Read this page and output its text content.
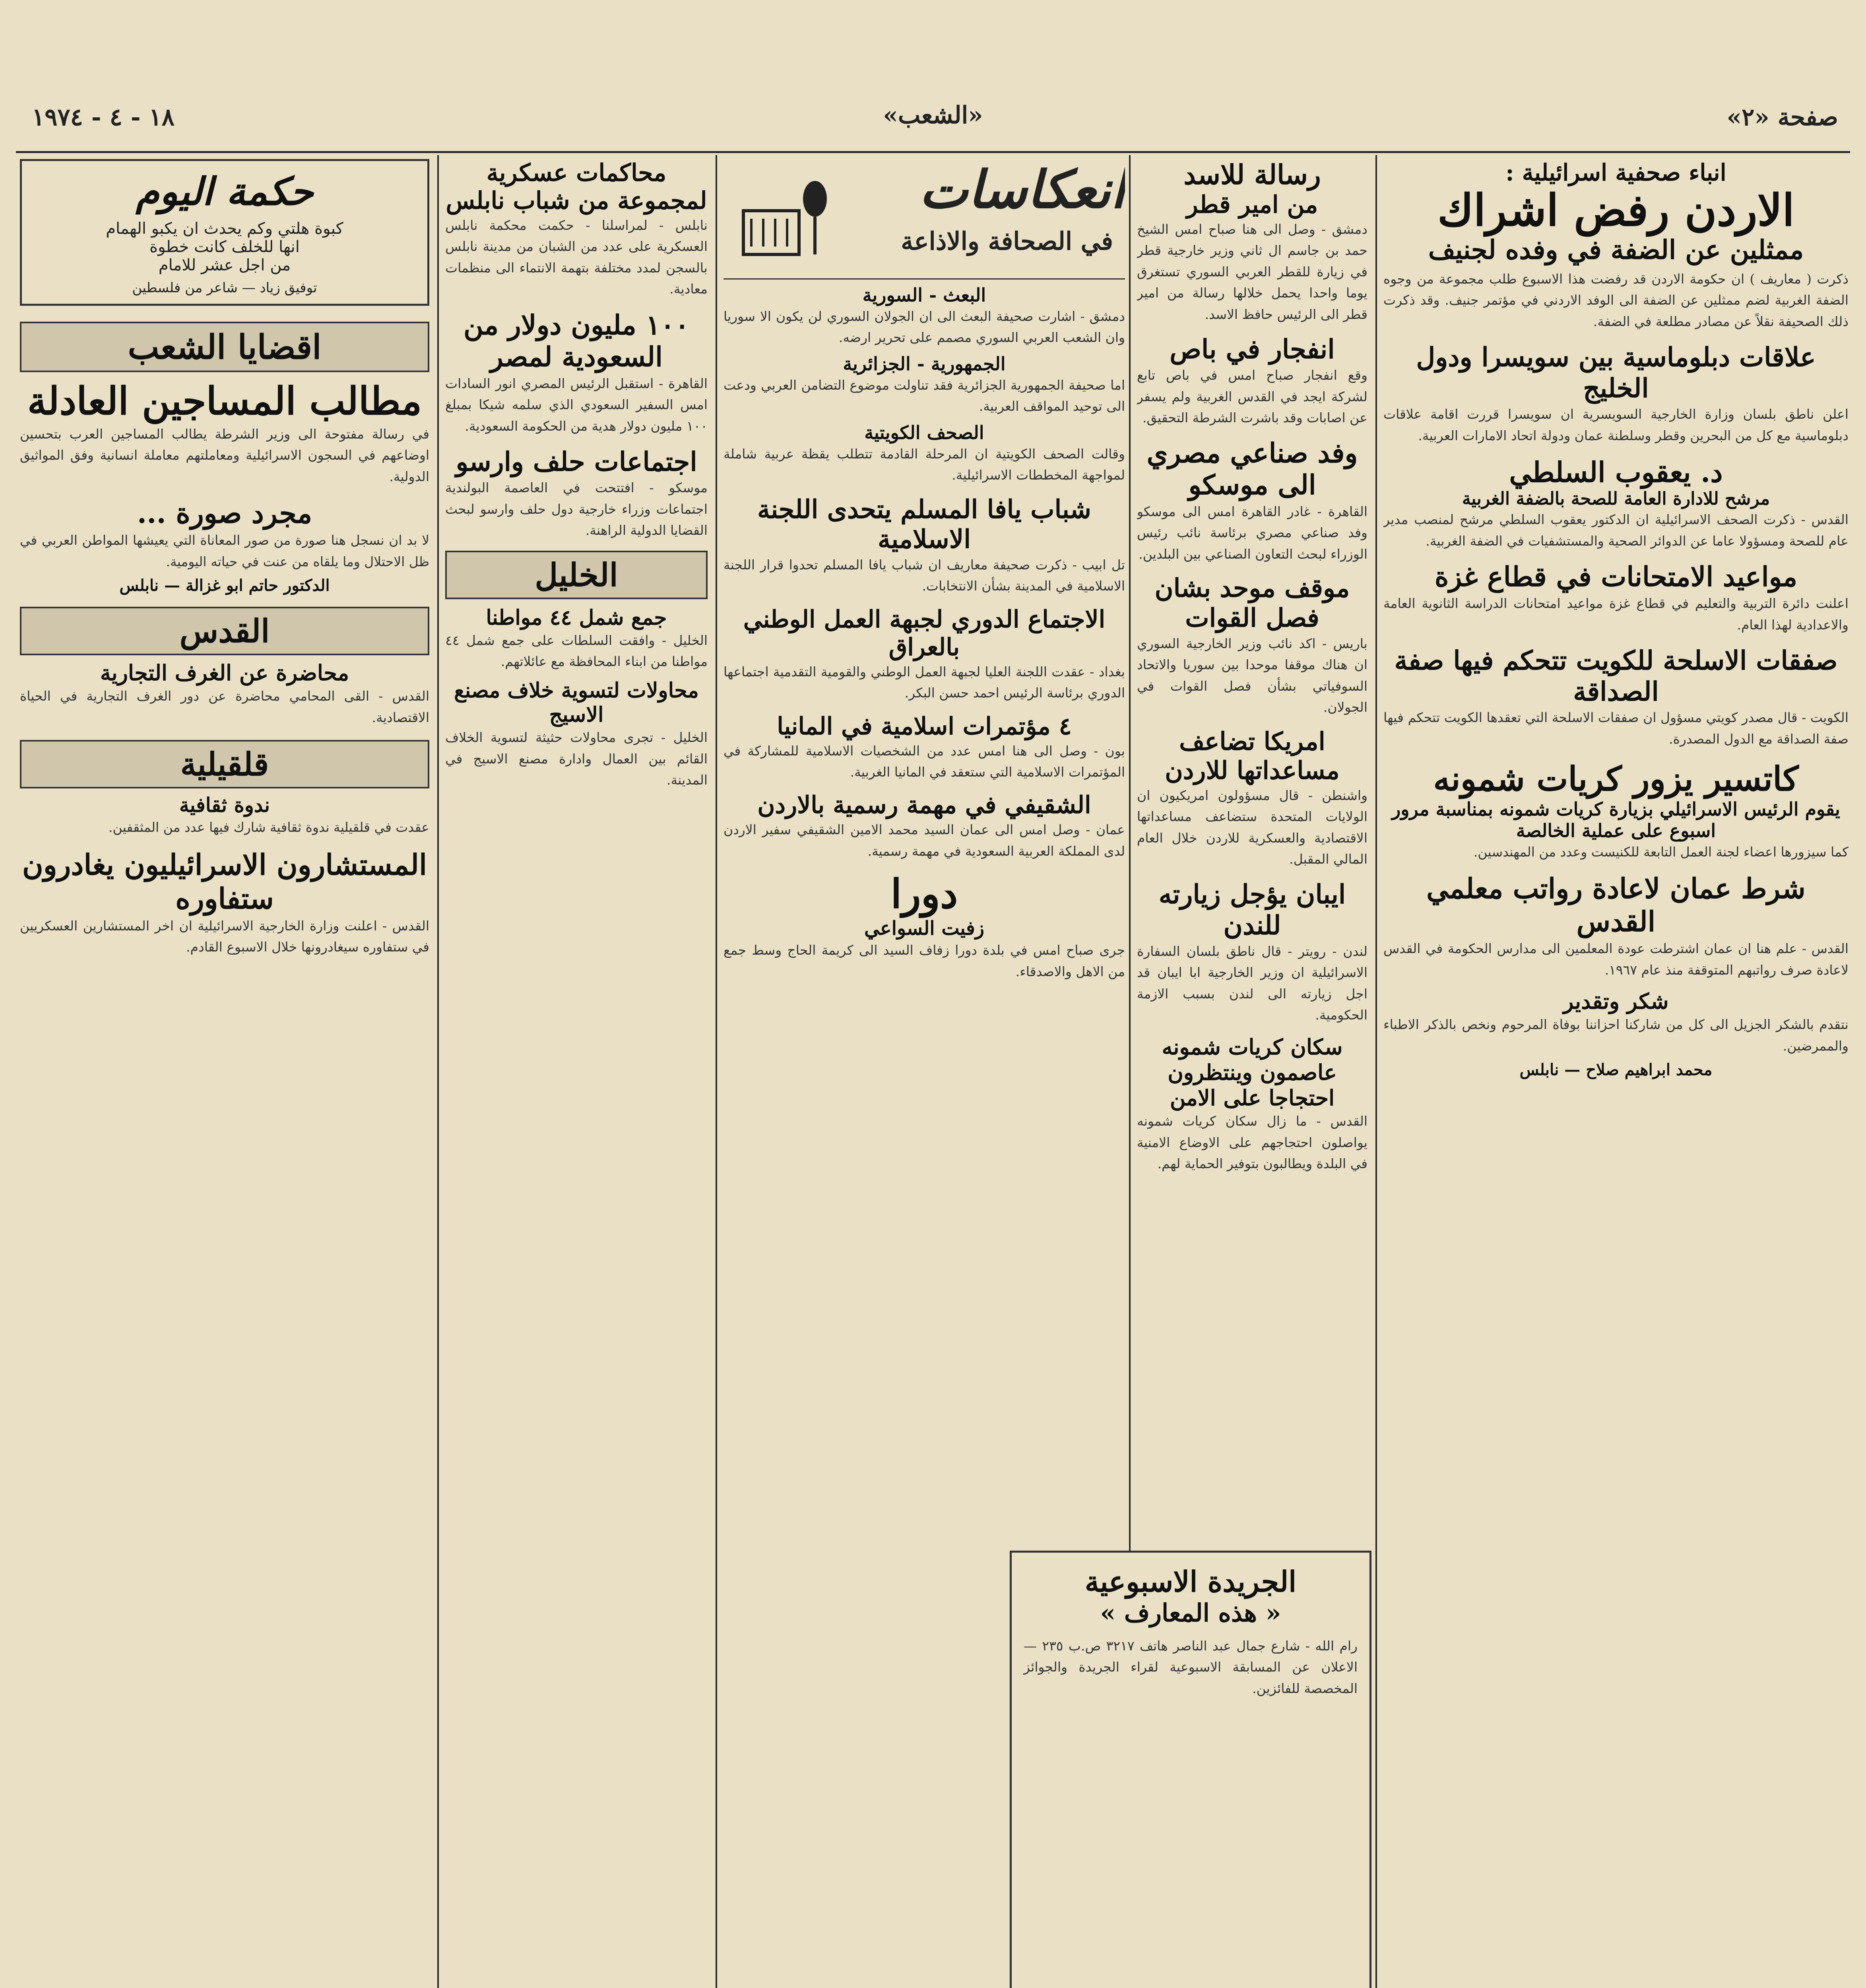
صفحة «٢»
«الشعب»
١٨ - ٤ - ١٩٧٤
انباء صحفية اسرائيلية :
الاردن رفض اشراك
ممثلين عن الضفة في وفده لجنيف
ذكرت ( معاريف ) ان حكومة الاردن قد رفضت هذا الاسبوع طلب مجموعة من وجوه الضفة الغربية لضم ممثلين عن الضفة الى الوفد الاردني في مؤتمر جنيف. وقد ذكرت ذلك الصحيفة نقلاً عن مصادر مطلعة في الضفة.
علاقات دبلوماسية بين سويسرا ودول الخليج
اعلن ناطق بلسان وزارة الخارجية السويسرية ان سويسرا قررت اقامة علاقات دبلوماسية مع كل من البحرين وقطر وسلطنة عمان ودولة اتحاد الامارات العربية.
د. يعقوب السلطي
مرشح للادارة العامة للصحة بالضفة الغربية
القدس - ذكرت الصحف الاسرائيلية ان الدكتور يعقوب السلطي مرشح لمنصب مدير عام للصحة ومسؤولا عاما عن الدوائر الصحية والمستشفيات في الضفة الغربية.
مواعيد الامتحانات في قطاع غزة
اعلنت دائرة التربية والتعليم في قطاع غزة مواعيد امتحانات الدراسة الثانوية العامة والاعدادية لهذا العام.
صفقات الاسلحة للكويت تتحكم فيها صفة الصداقة
الكويت - قال مصدر كويتي مسؤول ان صفقات الاسلحة التي تعقدها الكويت تتحكم فيها صفة الصداقة مع الدول المصدرة.
كاتسير يزور كريات شمونه
يقوم الرئيس الاسرائيلي بزيارة كريات شمونه بمناسبة مرور اسبوع على عملية الخالصة
كما سيزورها اعضاء لجنة العمل التابعة للكنيست وعدد من المهندسين.
شرط عمان لاعادة رواتب معلمي القدس
القدس - علم هنا ان عمان اشترطت عودة المعلمين الى مدارس الحكومة في القدس لاعادة صرف رواتبهم المتوقفة منذ عام ١٩٦٧.
شكر وتقدير
نتقدم بالشكر الجزيل الى كل من شاركنا احزاننا بوفاة المرحوم ونخص بالذكر الاطباء والممرضين.
محمد ابراهيم صلاح — نابلس
رسالة للاسد
من امير قطر
دمشق - وصل الى هنا صباح امس الشيخ حمد بن جاسم ال ثاني وزير خارجية قطر في زيارة للقطر العربي السوري تستغرق يوما واحدا يحمل خلالها رسالة من امير قطر الى الرئيس حافظ الاسد.
انفجار في باص
وقع انفجار صباح امس في باص تابع لشركة ايجد في القدس الغربية ولم يسفر عن اصابات وقد باشرت الشرطة التحقيق.
وفد صناعي مصري الى موسكو
القاهرة - غادر القاهرة امس الى موسكو وفد صناعي مصري برئاسة نائب رئيس الوزراء لبحث التعاون الصناعي بين البلدين.
موقف موحد بشان فصل القوات
باريس - اكد نائب وزير الخارجية السوري ان هناك موقفا موحدا بين سوريا والاتحاد السوفياتي بشأن فصل القوات في الجولان.
امريكا تضاعف مساعداتها للاردن
واشنطن - قال مسؤولون امريكيون ان الولايات المتحدة ستضاعف مساعداتها الاقتصادية والعسكرية للاردن خلال العام المالي المقبل.
ايبان يؤجل زيارته للندن
لندن - رويتر - قال ناطق بلسان السفارة الاسرائيلية ان وزير الخارجية ابا ايبان قد اجل زيارته الى لندن بسبب الازمة الحكومية.
سكان كريات شمونه عاصمون وينتظرون احتجاجا على الامن
القدس - ما زال سكان كريات شمونه يواصلون احتجاجهم على الاوضاع الامنية في البلدة ويطالبون بتوفير الحماية لهم.
انعكاسات
في الصحافة والاذاعة
البعث - السورية
دمشق - اشارت صحيفة البعث الى ان الجولان السوري لن يكون الا سوريا وان الشعب العربي السوري مصمم على تحرير ارضه.
الجمهورية - الجزائرية
اما صحيفة الجمهورية الجزائرية فقد تناولت موضوع التضامن العربي ودعت الى توحيد المواقف العربية.
الصحف الكويتية
وقالت الصحف الكويتية ان المرحلة القادمة تتطلب يقظة عربية شاملة لمواجهة المخططات الاسرائيلية.
شباب يافا المسلم يتحدى اللجنة الاسلامية
تل ابيب - ذكرت صحيفة معاريف ان شباب يافا المسلم تحدوا قرار اللجنة الاسلامية في المدينة بشأن الانتخابات.
الاجتماع الدوري لجبهة العمل الوطني بالعراق
بغداد - عقدت اللجنة العليا لجبهة العمل الوطني والقومية التقدمية اجتماعها الدوري برئاسة الرئيس احمد حسن البكر.
٤ مؤتمرات اسلامية في المانيا
بون - وصل الى هنا امس عدد من الشخصيات الاسلامية للمشاركة في المؤتمرات الاسلامية التي ستعقد في المانيا الغربية.
الشقيفي في مهمة رسمية بالاردن
عمان - وصل امس الى عمان السيد محمد الامين الشقيفي سفير الاردن لدى المملكة العربية السعودية في مهمة رسمية.
دورا
زفيت السواعي
جرى صباح امس في بلدة دورا زفاف السيد الى كريمة الحاج وسط جمع من الاهل والاصدقاء.
محاكمات عسكرية لمجموعة من شباب نابلس
نابلس - لمراسلنا - حكمت محكمة نابلس العسكرية على عدد من الشبان من مدينة نابلس بالسجن لمدد مختلفة بتهمة الانتماء الى منظمات معادية.
١٠٠ مليون دولار من السعودية لمصر
القاهرة - استقبل الرئيس المصري انور السادات امس السفير السعودي الذي سلمه شيكا بمبلغ ١٠٠ مليون دولار هدية من الحكومة السعودية.
اجتماعات حلف وارسو
موسكو - افتتحت في العاصمة البولندية اجتماعات وزراء خارجية دول حلف وارسو لبحث القضايا الدولية الراهنة.
الخليل
جمع شمل ٤٤ مواطنا
الخليل - وافقت السلطات على جمع شمل ٤٤ مواطنا من ابناء المحافظة مع عائلاتهم.
محاولات لتسوية خلاف مصنع الاسيج
الخليل - تجرى محاولات حثيثة لتسوية الخلاف القائم بين العمال وادارة مصنع الاسيج في المدينة.
حكمة اليوم
كبوة هلتي وكم يحدث ان يكبو الهمام
انها للخلف كانت خطوة
من اجل عشر للامام
توفيق زياد — شاعر من فلسطين
اقضايا الشعب
مطالب المساجين العادلة
في رسالة مفتوحة الى وزير الشرطة يطالب المساجين العرب بتحسين اوضاعهم في السجون الاسرائيلية ومعاملتهم معاملة انسانية وفق المواثيق الدولية.
مجرد صورة ...
لا بد ان نسجل هنا صورة من صور المعاناة التي يعيشها المواطن العربي في ظل الاحتلال وما يلقاه من عنت في حياته اليومية.
الدكتور حاتم ابو غزالة — نابلس
القدس
محاضرة عن الغرف التجارية
القدس - القى المحامي محاضرة عن دور الغرف التجارية في الحياة الاقتصادية.
قلقيلية
ندوة ثقافية
عقدت في قلقيلية ندوة ثقافية شارك فيها عدد من المثقفين.
المستشارون الاسرائيليون يغادرون ستفاوره
القدس - اعلنت وزارة الخارجية الاسرائيلية ان اخر المستشارين العسكريين في ستفاوره سيغادرونها خلال الاسبوع القادم.
الجريدة الاسبوعية
« هذه المعارف »
رام الله - شارع جمال عبد الناصر هاتف ٣٢١٧ ص.ب ٢٣٥ — الاعلان عن المسابقة الاسبوعية لقراء الجريدة والجوائز المخصصة للفائزين.
